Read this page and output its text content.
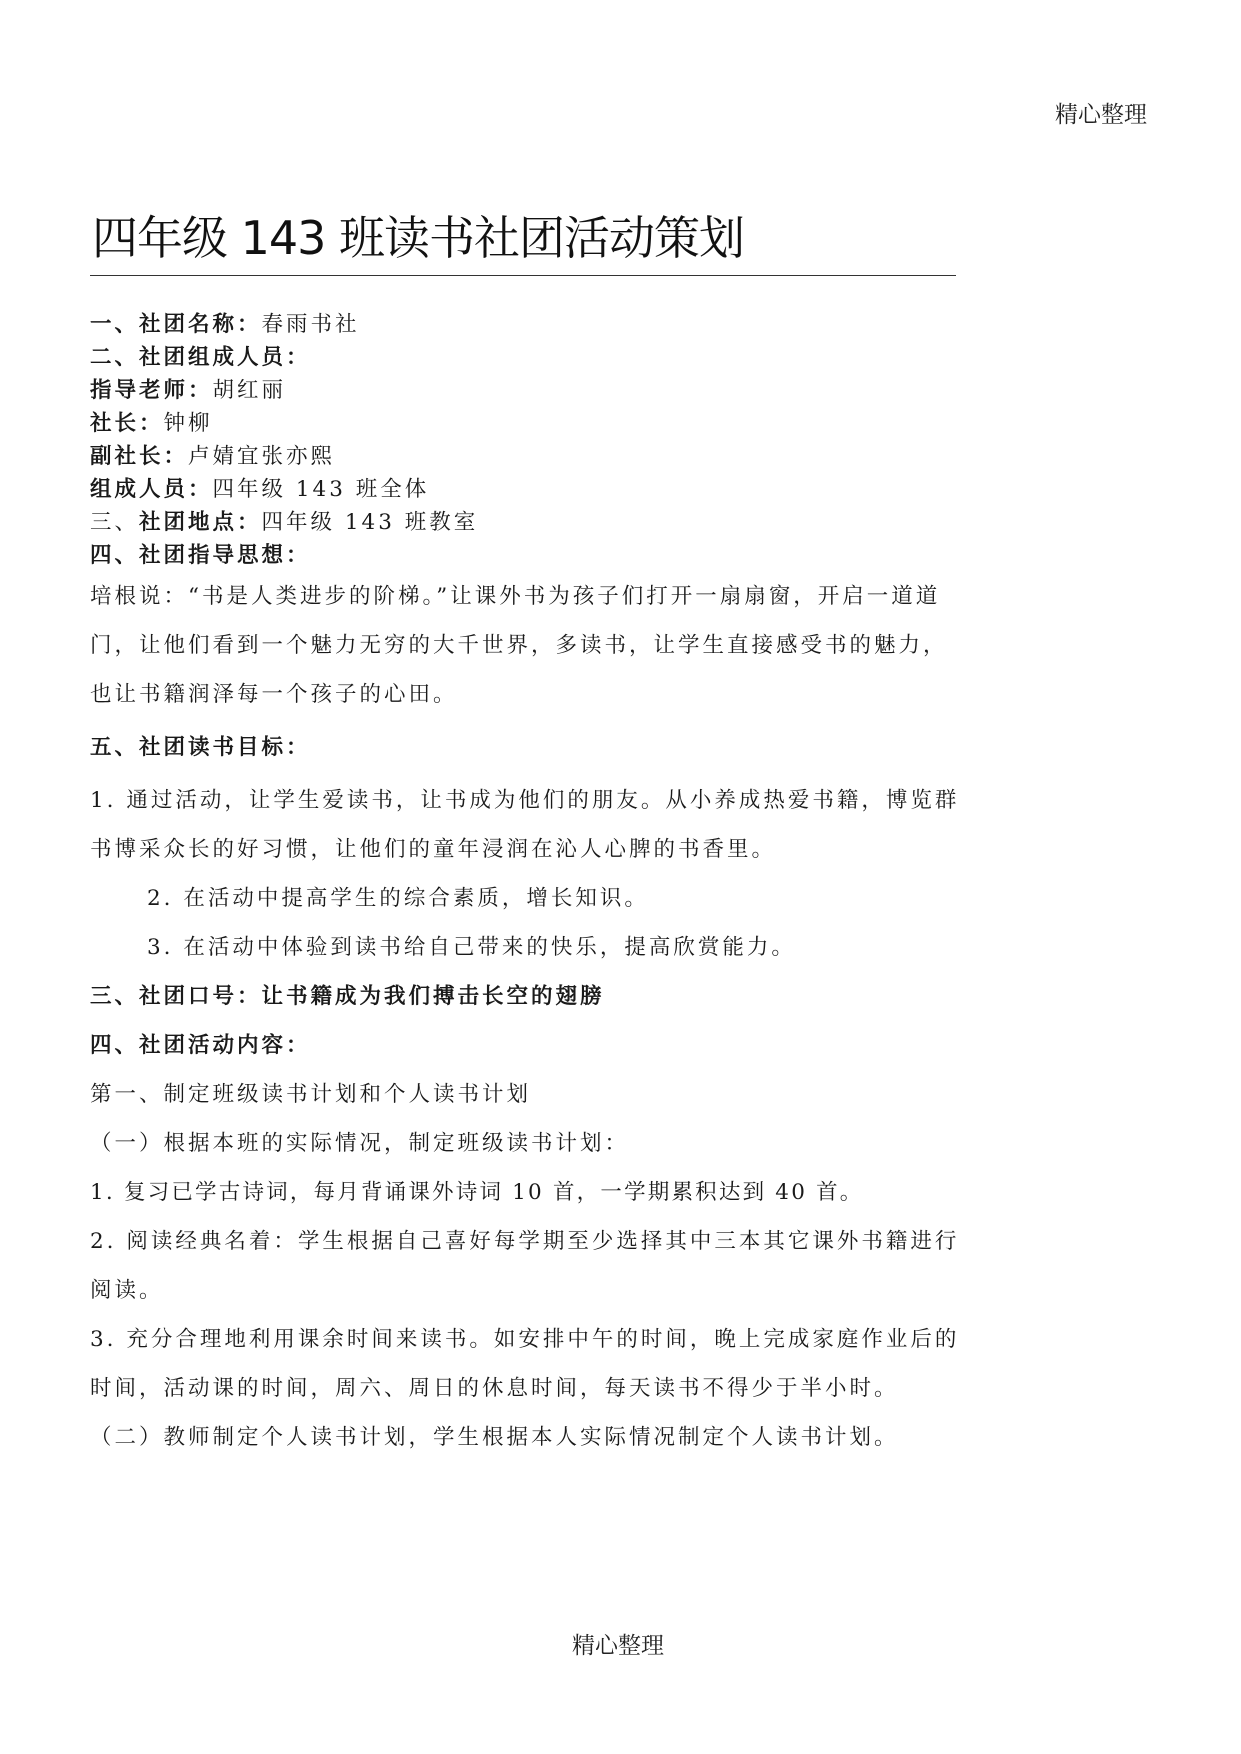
精心整理
四年级 143 班读书社团活动策划
一、社团名称：春雨书社
二、社团组成人员：
指导老师：胡红丽
社长：钟柳
副社长：卢婧宜张亦熙
组成人员：四年级 143 班全体
三、社团地点：四年级 143 班教室
四、社团指导思想：
培根说：“书是人类进步的阶梯。”让课外书为孩子们打开一扇扇窗，开启一道道门，让他们看到一个魅力无穷的大千世界，多读书，让学生直接感受书的魅力，也让书籍润泽每一个孩子的心田。
五、社团读书目标：
1. 通过活动，让学生爱读书，让书成为他们的朋友。从小养成热爱书籍，博览群书博采众长的好习惯，让他们的童年浸润在沁人心脾的书香里。
2. 在活动中提高学生的综合素质，增长知识。
3. 在活动中体验到读书给自己带来的快乐，提高欣赏能力。
三、社团口号：让书籍成为我们搏击长空的翅膀
四、社团活动内容：
第一、制定班级读书计划和个人读书计划
（一）根据本班的实际情况，制定班级读书计划：
1. 复习已学古诗词，每月背诵课外诗词 10 首，一学期累积达到 40 首。
2. 阅读经典名着：学生根据自己喜好每学期至少选择其中三本其它课外书籍进行阅读。
3. 充分合理地利用课余时间来读书。如安排中午的时间，晚上完成家庭作业后的时间，活动课的时间，周六、周日的休息时间，每天读书不得少于半小时。
（二）教师制定个人读书计划，学生根据本人实际情况制定个人读书计划。
精心整理
